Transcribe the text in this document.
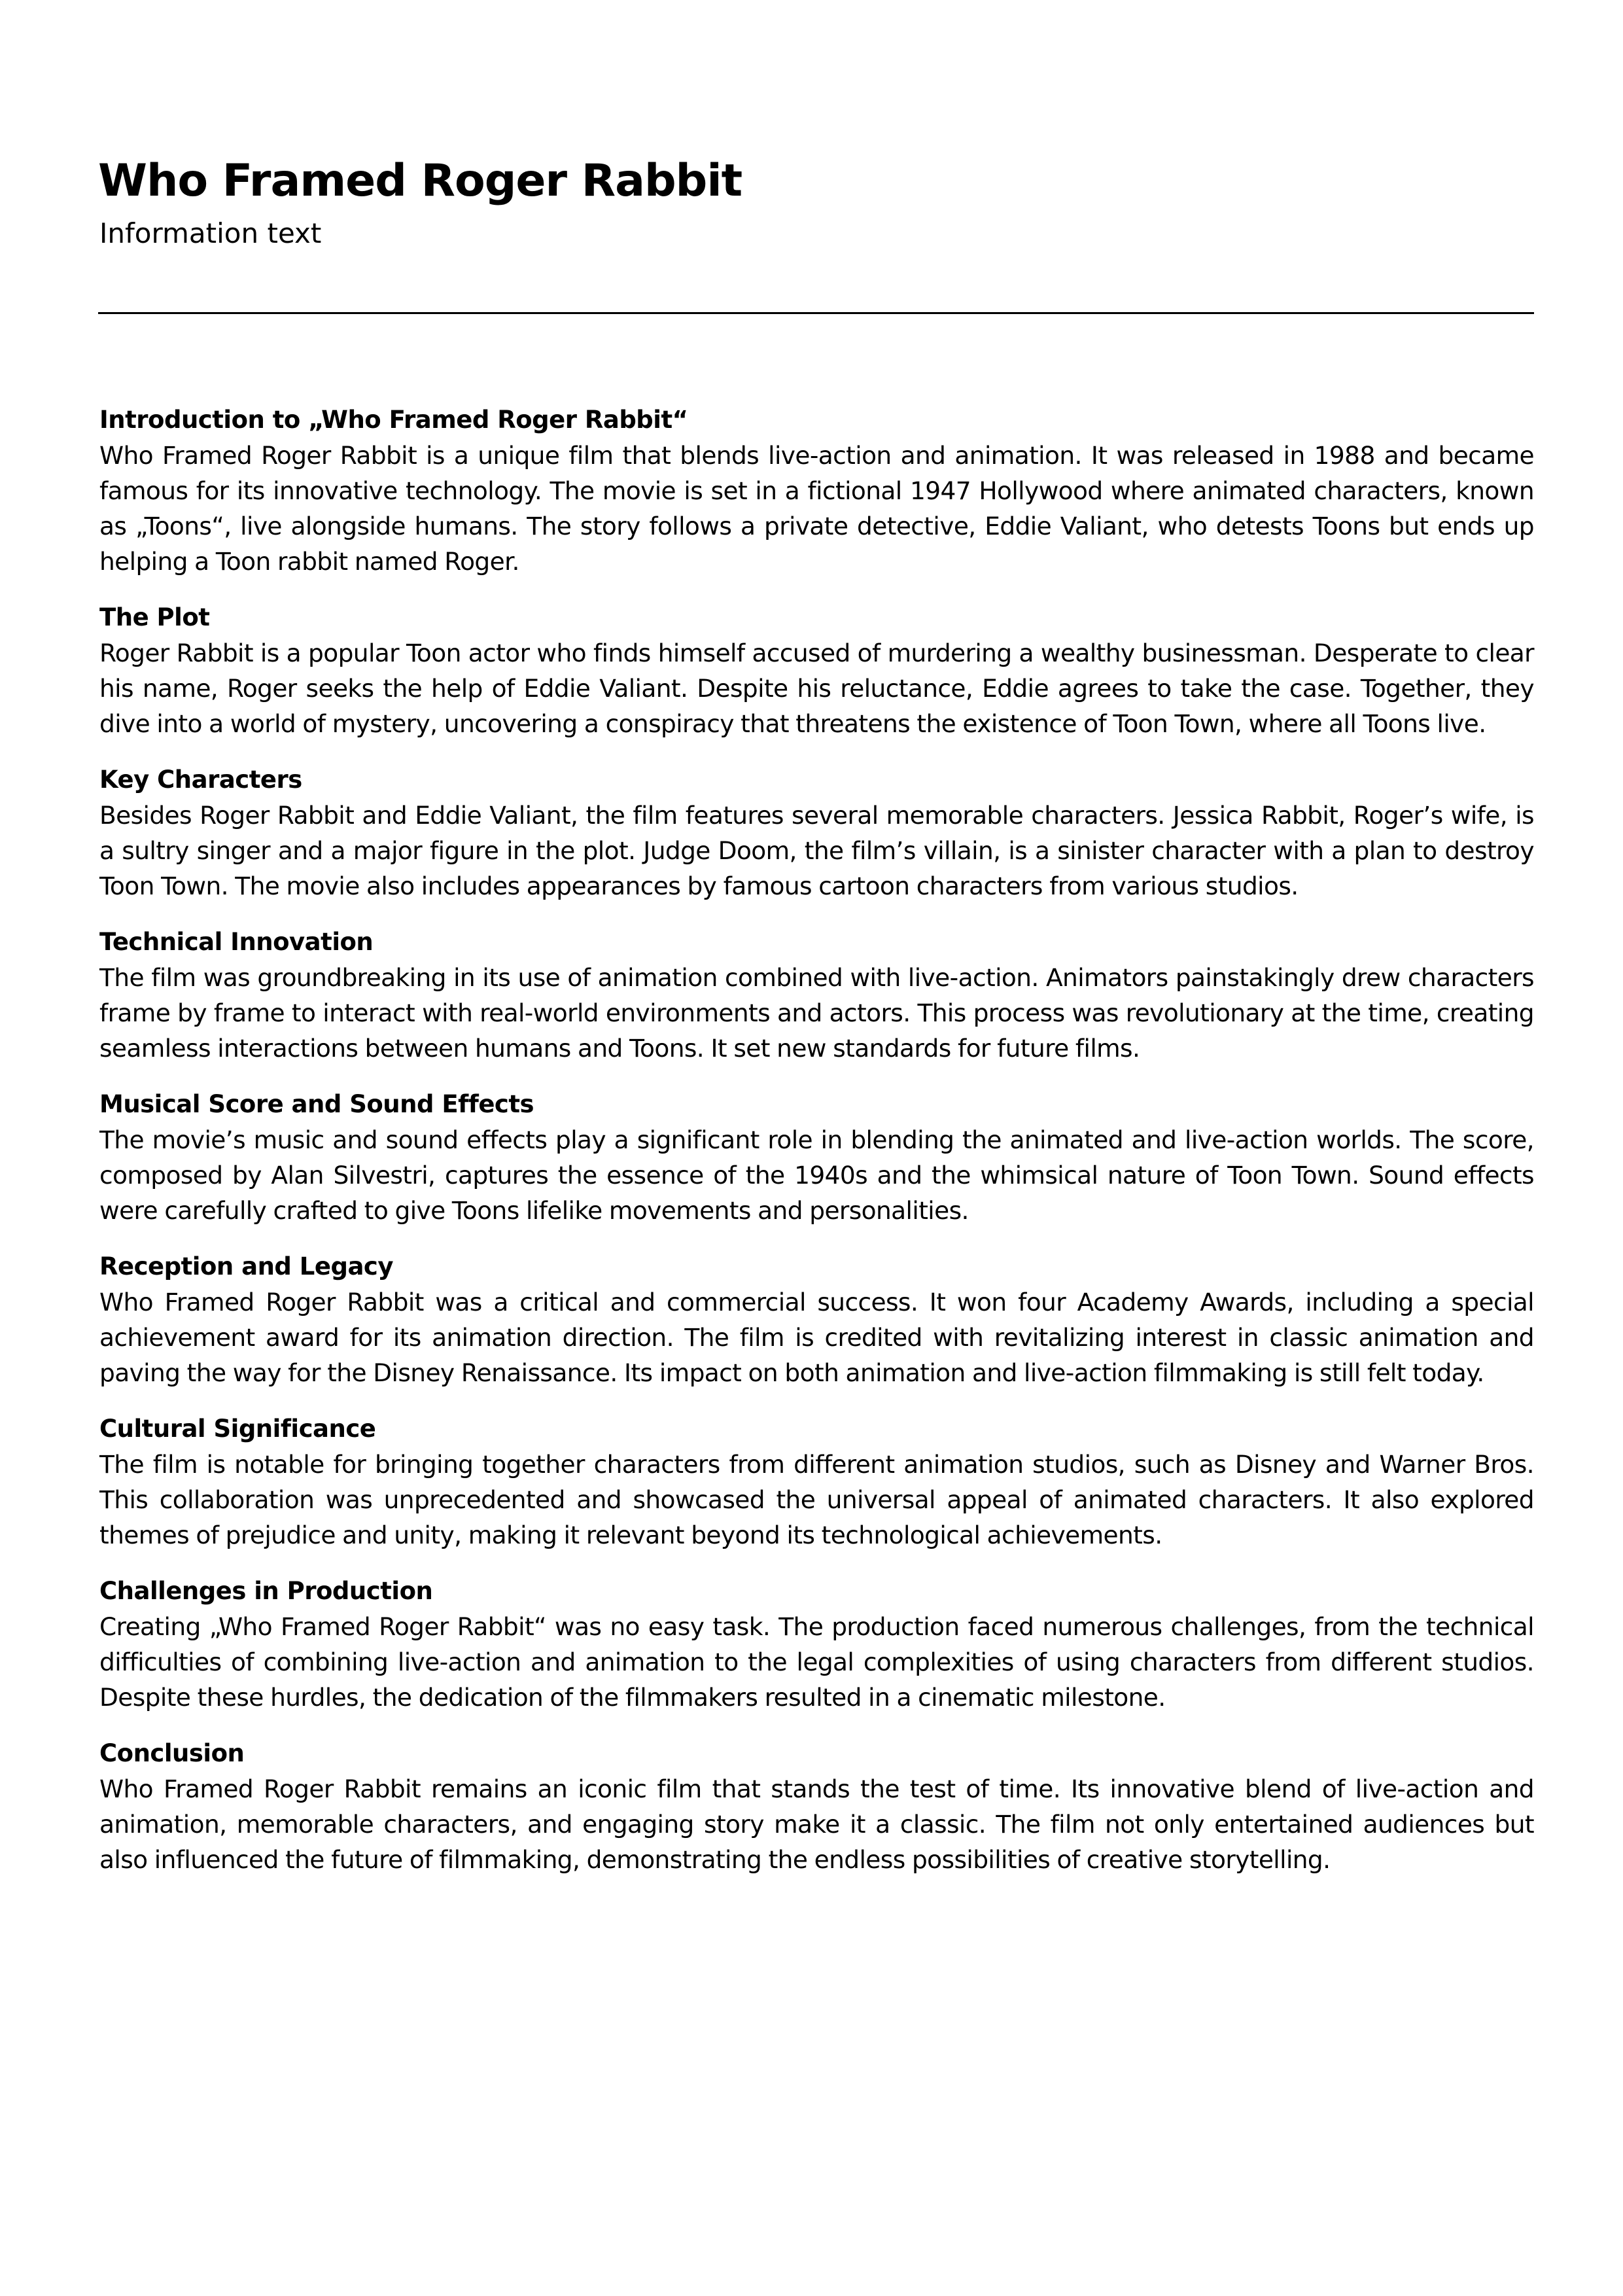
Who Framed Roger Rabbit
Information text
Introduction to „Who Framed Roger Rabbit“

Who Framed Roger Rabbit is a unique film that blends live-action and animation. It was released in 1988 and became famous for its innovative technology. The movie is set in a fictional 1947 Hollywood where animated characters, known as „Toons“, live alongside humans. The story follows a private detective, Eddie Valiant, who detests Toons but ends up helping a Toon rabbit named Roger.

The Plot

Roger Rabbit is a popular Toon actor who finds himself accused of murdering a wealthy businessman. Desperate to clear his name, Roger seeks the help of Eddie Valiant. Despite his reluctance, Eddie agrees to take the case. Together, they dive into a world of mystery, uncovering a conspiracy that threatens the existence of Toon Town, where all Toons live.

Key Characters

Besides Roger Rabbit and Eddie Valiant, the film features several memorable characters. Jessica Rabbit, Roger’s wife, is a sultry singer and a major figure in the plot. Judge Doom, the film’s villain, is a sinister character with a plan to destroy Toon Town. The movie also includes appearances by famous cartoon characters from various studios.

Technical Innovation

The film was groundbreaking in its use of animation combined with live-action. Animators painstakingly drew characters frame by frame to interact with real-world environments and actors. This process was revolutionary at the time, creating seamless interactions between humans and Toons. It set new standards for future films.

Musical Score and Sound Effects

The movie’s music and sound effects play a significant role in blending the animated and live-action worlds. The score, composed by Alan Silvestri, captures the essence of the 1940s and the whimsical nature of Toon Town. Sound effects were carefully crafted to give Toons lifelike movements and personalities.

Reception and Legacy

Who Framed Roger Rabbit was a critical and commercial success. It won four Academy Awards, including a special achievement award for its animation direction. The film is credited with revitalizing interest in classic animation and paving the way for the Disney Renaissance. Its impact on both animation and live-action filmmaking is still felt today.

Cultural Significance

The film is notable for bringing together characters from different animation studios, such as Disney and Warner Bros. This collaboration was unprecedented and showcased the universal appeal of animated characters. It also explored themes of prejudice and unity, making it relevant beyond its technological achievements.

Challenges in Production

Creating „Who Framed Roger Rabbit“ was no easy task. The production faced numerous challenges, from the technical difficulties of combining live-action and animation to the legal complexities of using characters from different studios. Despite these hurdles, the dedication of the filmmakers resulted in a cinematic milestone.

Conclusion

Who Framed Roger Rabbit remains an iconic film that stands the test of time. Its innovative blend of live-action and animation, memorable characters, and engaging story make it a classic. The film not only entertained audiences but also influenced the future of filmmaking, demonstrating the endless possibilities of creative storytelling.
